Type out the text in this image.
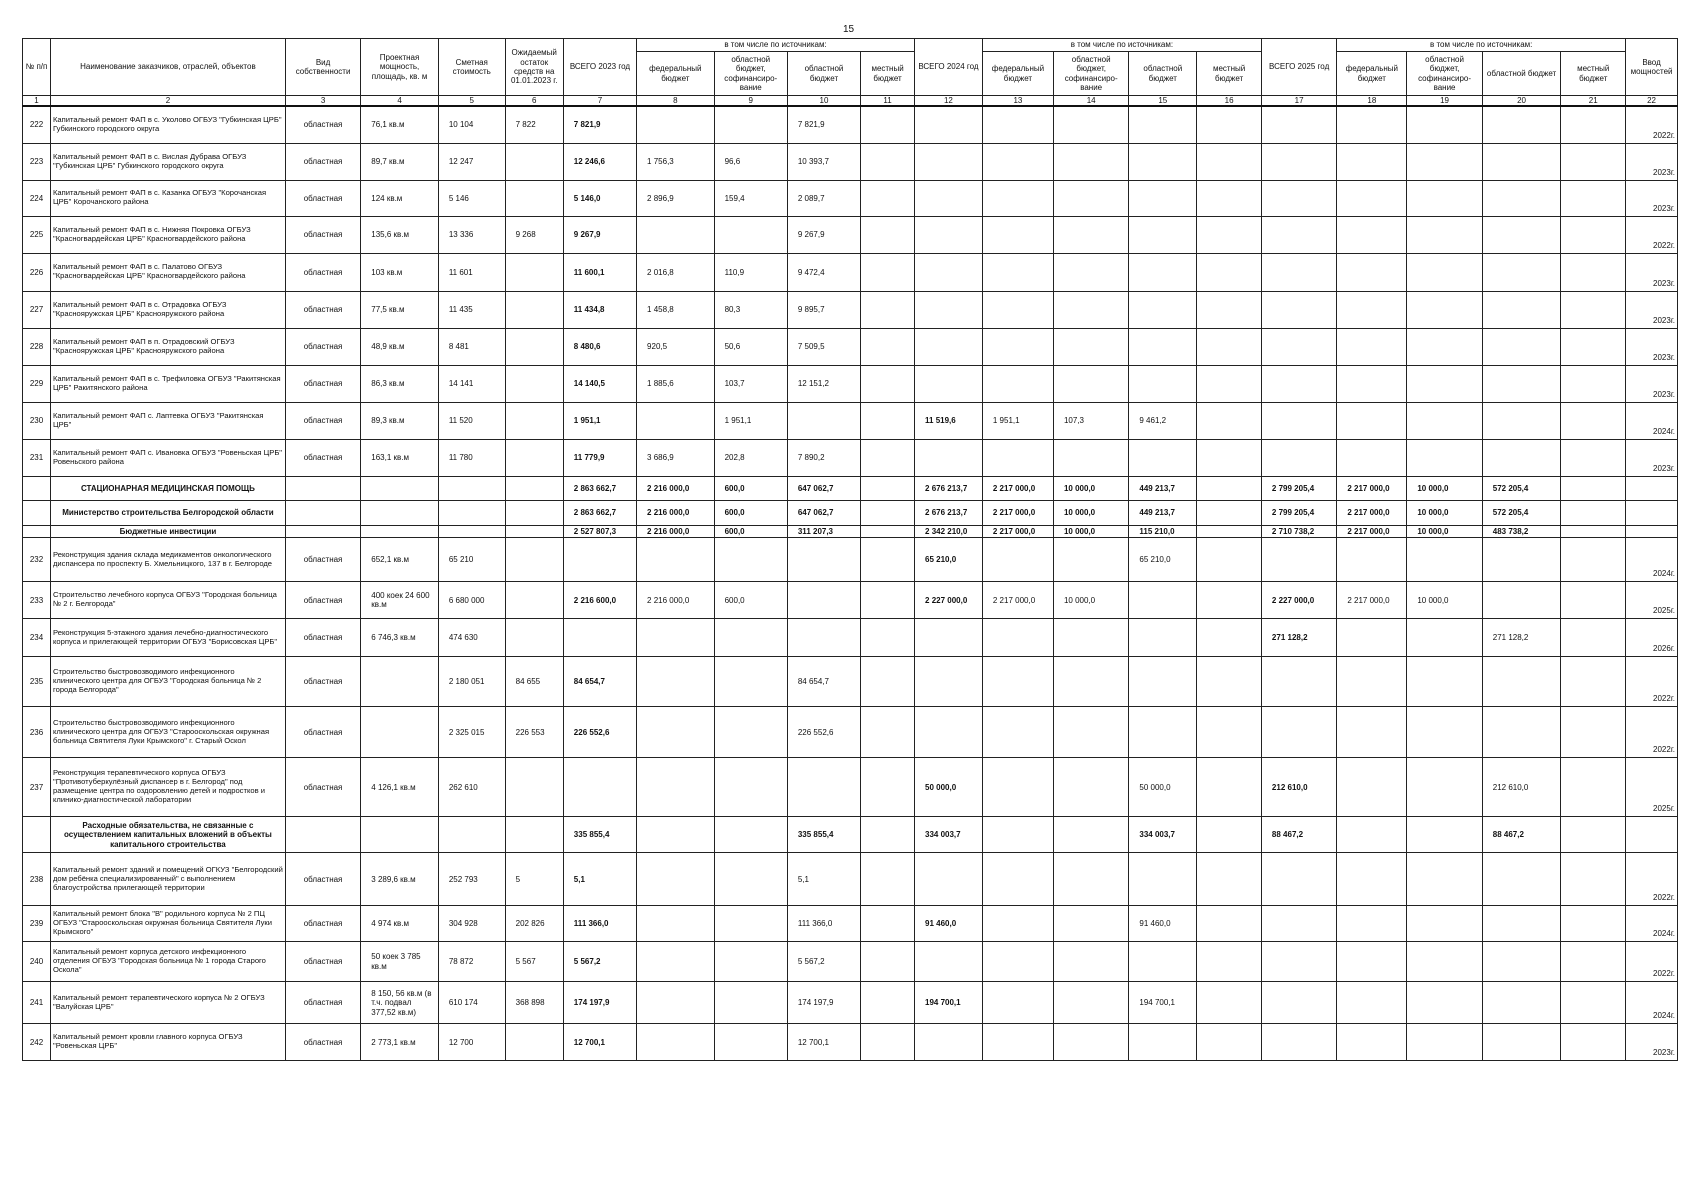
15
№ п/п	Наименование заказчиков, отраслей, объектов	Вид собственности	Проектная мощность, площадь, кв. м	Сметная стоимость	Ожидаемый остаток средств на 01.01.2023 г.	ВСЕГО 2023 год	в том числе по источникам:				ВСЕГО 2024 год	в том числе по источникам:				ВСЕГО 2025 год	в том числе по источникам:				Ввод мощностей
							федеральный бюджет	областной бюджет, софинансиро-вание	областной бюджет	местный бюджет		федеральный бюджет	областной бюджет, софинансиро-вание	областной бюджет	местный бюджет		федеральный бюджет	областной бюджет, софинансиро-вание	областной бюджет	местный бюджет	
1	2	3	4	5	6	7	8	9	10	11	12	13	14	15	16	17	18	19	20	21	22
222	Капитальный ремонт ФАП в с. Уколово ОГБУЗ "Губкинская ЦРБ" Губкинского городского округа	областная	76,1 кв.м	10 104	7 822	7 821,9			7 821,9												2022г.
223	Капитальный ремонт ФАП в с. Вислая Дубрава ОГБУЗ "Губкинская ЦРБ" Губкинского городского округа	областная	89,7 кв.м	12 247		12 246,6	1 756,3	96,6	10 393,7												2023г.
224	Капитальный ремонт ФАП в с. Казанка ОГБУЗ "Корочанская ЦРБ" Корочанского района	областная	124 кв.м	5 146		5 146,0	2 896,9	159,4	2 089,7												2023г.
225	Капитальный ремонт ФАП в с. Нижняя Покровка ОГБУЗ "Красногвардейская ЦРБ" Красногвардейского района	областная	135,6 кв.м	13 336	9 268	9 267,9			9 267,9												2022г.
226	Капитальный ремонт ФАП в с. Палатово ОГБУЗ "Красногвардейская ЦРБ" Красногвардейского района	областная	103 кв.м	11 601		11 600,1	2 016,8	110,9	9 472,4												2023г.
227	Капитальный ремонт ФАП в с. Отрадовка ОГБУЗ "Краснояружская ЦРБ" Краснояружского района	областная	77,5 кв.м	11 435		11 434,8	1 458,8	80,3	9 895,7												2023г.
228	Капитальный ремонт ФАП в п. Отрадовский ОГБУЗ "Краснояружская ЦРБ" Краснояружского района	областная	48,9 кв.м	8 481		8 480,6	920,5	50,6	7 509,5												2023г.
229	Капитальный ремонт ФАП в с. Трефиловка ОГБУЗ "Ракитянская ЦРБ" Ракитянского района	областная	86,3 кв.м	14 141		14 140,5	1 885,6	103,7	12 151,2												2023г.
230	Капитальный ремонт ФАП с. Лаптевка ОГБУЗ "Ракитянская ЦРБ"	областная	89,3 кв.м	11 520		1 951,1		1 951,1			11 519,6	1 951,1	107,3	9 461,2							2024г.
231	Капитальный ремонт ФАП с. Ивановка ОГБУЗ "Ровеньская ЦРБ" Ровеньского района	областная	163,1 кв.м	11 780		11 779,9	3 686,9	202,8	7 890,2												2023г.
	СТАЦИОНАРНАЯ МЕДИЦИНСКАЯ ПОМОЩЬ					2 863 662,7	2 216 000,0	600,0	647 062,7		2 676 213,7	2 217 000,0	10 000,0	449 213,7		2 799 205,4	2 217 000,0	10 000,0	572 205,4		
	Министерство строительства Белгородской области					2 863 662,7	2 216 000,0	600,0	647 062,7		2 676 213,7	2 217 000,0	10 000,0	449 213,7		2 799 205,4	2 217 000,0	10 000,0	572 205,4		
	Бюджетные инвестиции					2 527 807,3	2 216 000,0	600,0	311 207,3		2 342 210,0	2 217 000,0	10 000,0	115 210,0		2 710 738,2	2 217 000,0	10 000,0	483 738,2		
232	Реконструкция здания склада медикаментов онкологического диспансера по проспекту Б. Хмельницкого, 137 в г. Белгороде	областная	652,1 кв.м	65 210							65 210,0			65 210,0							2024г.
233	Строительство лечебного корпуса ОГБУЗ "Городская больница № 2 г. Белгорода"	областная	400 коек 24 600 кв.м	6 680 000		2 216 600,0	2 216 000,0	600,0			2 227 000,0	2 217 000,0	10 000,0			2 227 000,0	2 217 000,0	10 000,0			2025г.
234	Реконструкция 5-этажного здания лечебно-диагностического корпуса и прилегающей территории ОГБУЗ "Борисовская ЦРБ"	областная	6 746,3 кв.м	474 630												271 128,2			271 128,2		2026г.
235	Строительство быстровозводимого инфекционного клинического центра для ОГБУЗ "Городская больница № 2 города Белгорода"	областная		2 180 051	84 655	84 654,7			84 654,7												2022г.
236	Строительство быстровозводимого инфекционного клинического центра для ОГБУЗ "Старооскольская окружная больница Святителя Луки Крымского" г. Старый Оскол	областная		2 325 015	226 553	226 552,6			226 552,6												2022г.
237	Реконструкция терапевтического корпуса ОГБУЗ "Противотуберкулёзный диспансер в г. Белгород" под размещение центра по оздоровлению детей и подростков и клинико-диагностической лаборатории	областная	4 126,1 кв.м	262 610							50 000,0			50 000,0		212 610,0			212 610,0		2025г.
	Расходные обязательства, не связанные с осуществлением капитальных вложений в объекты капитального строительства					335 855,4			335 855,4		334 003,7			334 003,7		88 467,2			88 467,2		
238	Капитальный ремонт зданий и помещений ОГКУЗ "Белгородский дом ребёнка специализированный" с выполнением благоустройства прилегающей территории	областная	3 289,6 кв.м	252 793	5	5,1			5,1												2022г.
239	Капитальный ремонт блока "В" родильного корпуса № 2 ПЦ ОГБУЗ "Старооскольская окружная больница Святителя Луки Крымского"	областная	4 974 кв.м	304 928	202 826	111 366,0			111 366,0		91 460,0			91 460,0							2024г.
240	Капитальный ремонт корпуса детского инфекционного отделения ОГБУЗ "Городская больница № 1 города Старого Оскола"	областная	50 коек 3 785 кв.м	78 872	5 567	5 567,2			5 567,2												2022г.
241	Капитальный ремонт терапевтического корпуса № 2 ОГБУЗ "Валуйская ЦРБ"	областная	8 150, 56 кв.м (в т.ч. подвал 377,52 кв.м)	610 174	368 898	174 197,9			174 197,9		194 700,1			194 700,1							2024г.
242	Капитальный ремонт кровли главного корпуса ОГБУЗ "Ровеньская ЦРБ"	областная	2 773,1 кв.м	12 700		12 700,1			12 700,1												2023г.
